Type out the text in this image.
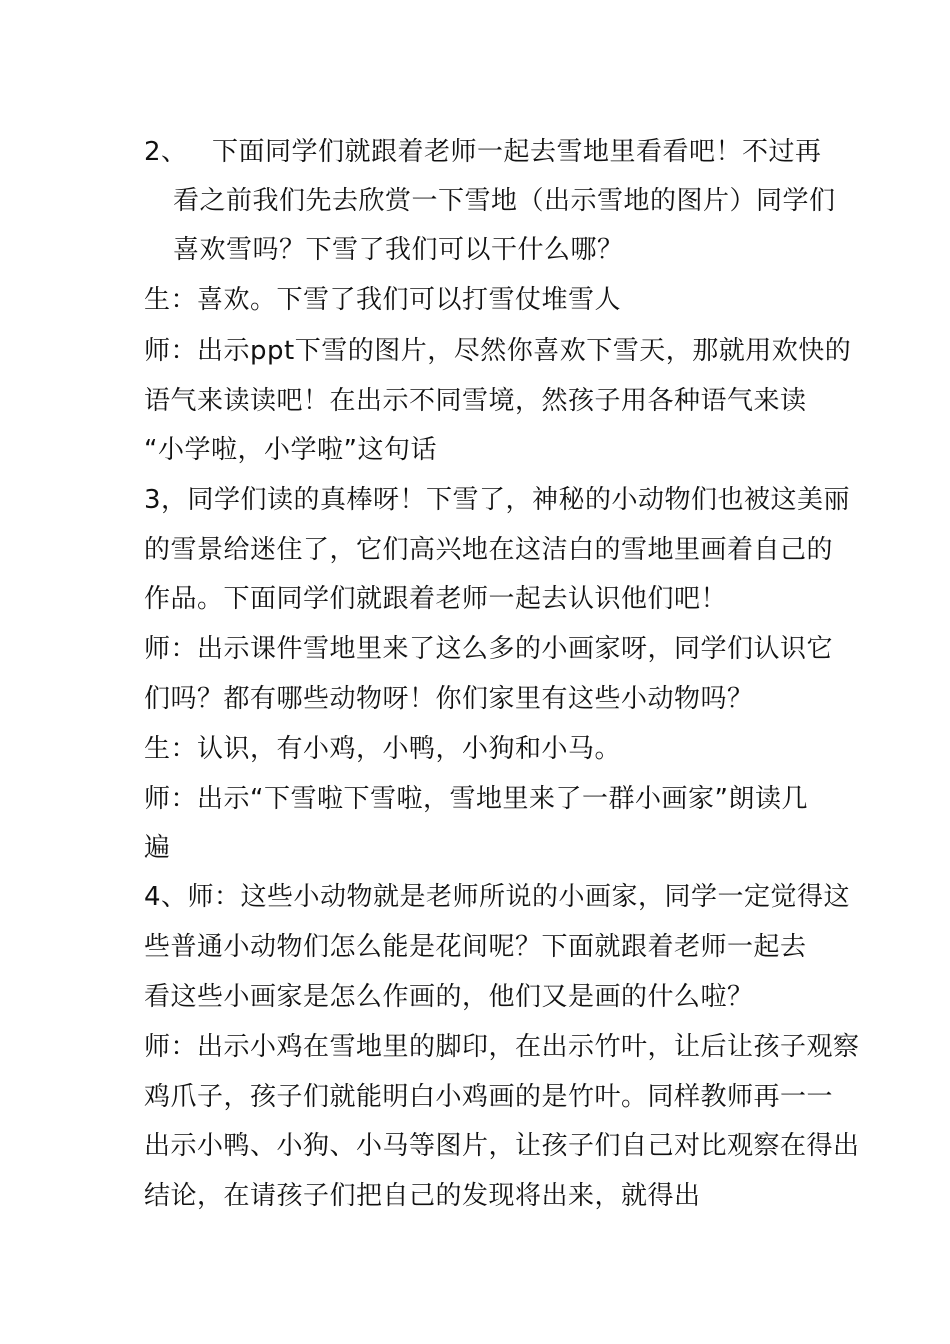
2、 下面同学们就跟着老师一起去雪地里看看吧！不过再
看之前我们先去欣赏一下雪地（出示雪地的图片）同学们
喜欢雪吗？下雪了我们可以干什么哪？
生：喜欢。下雪了我们可以打雪仗堆雪人
师：出示ppt下雪的图片，尽然你喜欢下雪天，那就用欢快的
语气来读读吧！在出示不同雪境，然孩子用各种语气来读
“小学啦，小学啦”这句话
3，同学们读的真棒呀！下雪了，神秘的小动物们也被这美丽
的雪景给迷住了，它们高兴地在这洁白的雪地里画着自己的
作品。下面同学们就跟着老师一起去认识他们吧！
师：出示课件雪地里来了这么多的小画家呀，同学们认识它
们吗？都有哪些动物呀！你们家里有这些小动物吗？
生：认识，有小鸡，小鸭，小狗和小马。
师：出示“下雪啦下雪啦，雪地里来了一群小画家”朗读几
遍
4、师：这些小动物就是老师所说的小画家，同学一定觉得这
些普通小动物们怎么能是花间呢？下面就跟着老师一起去
看这些小画家是怎么作画的，他们又是画的什么啦？
师：出示小鸡在雪地里的脚印，在出示竹叶，让后让孩子观察
鸡爪子，孩子们就能明白小鸡画的是竹叶。同样教师再一一
出示小鸭、小狗、小马等图片，让孩子们自己对比观察在得出
结论，在请孩子们把自己的发现将出来，就得出
